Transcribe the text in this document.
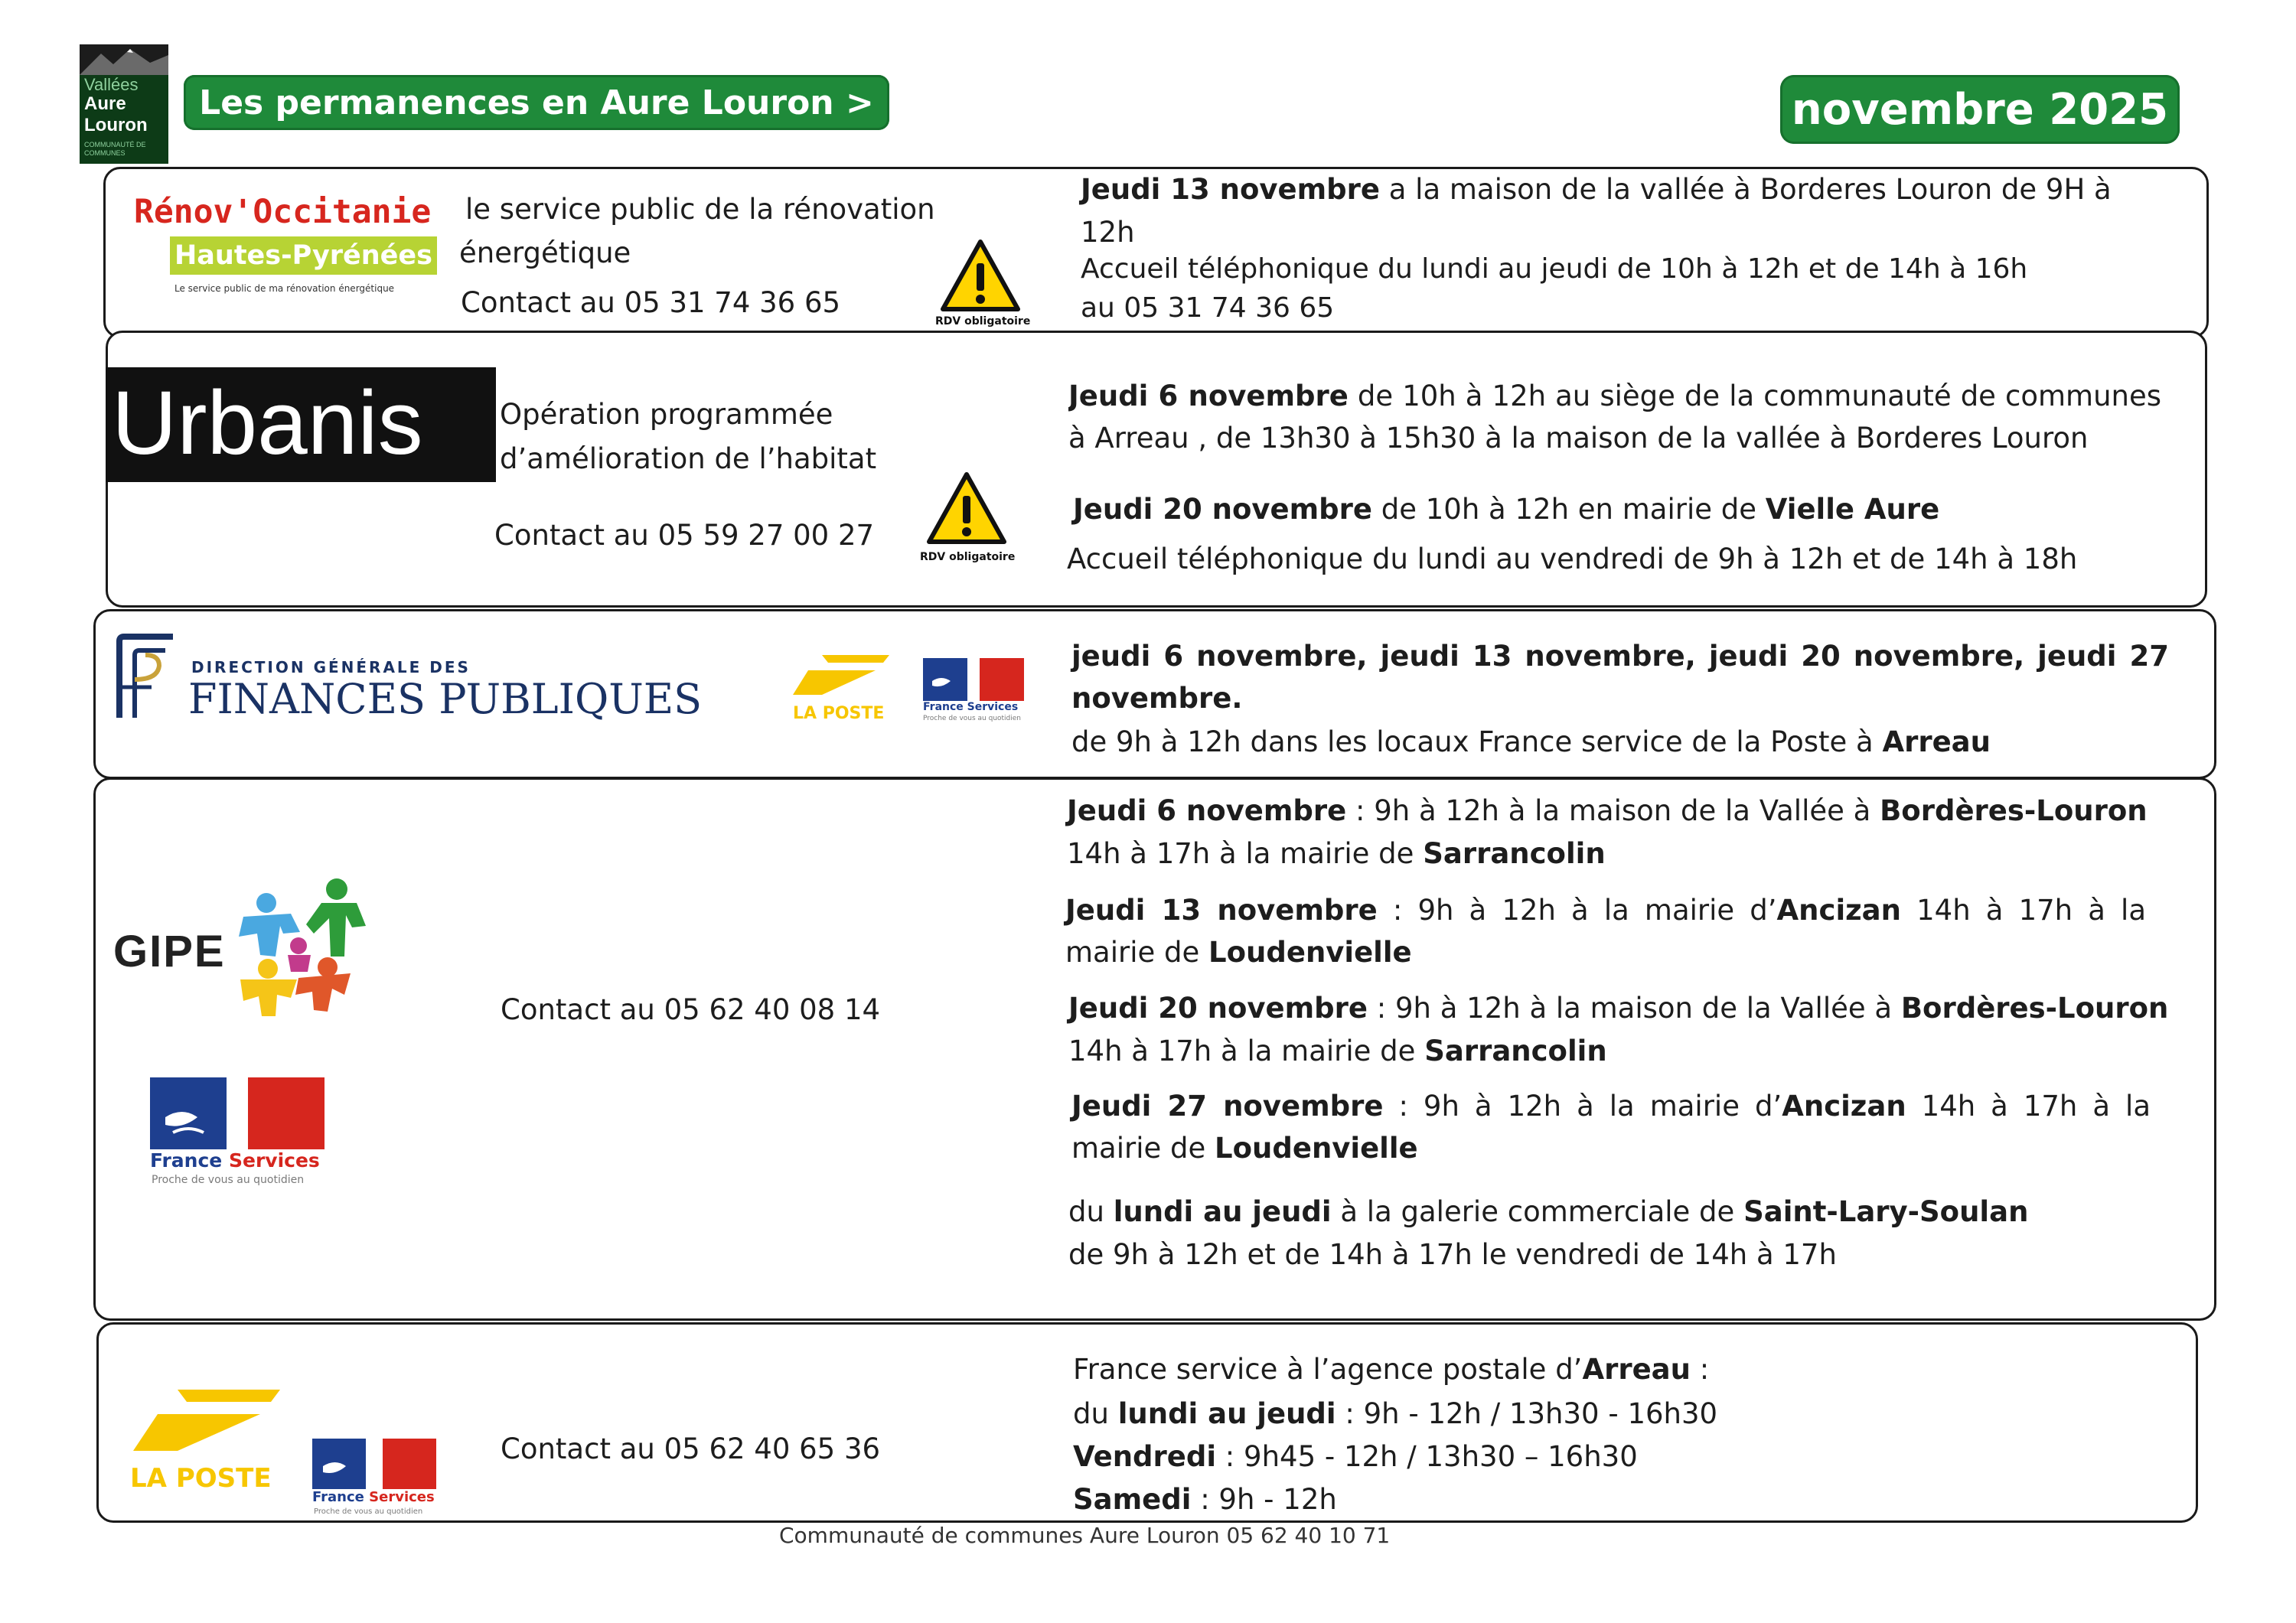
Vallées
Aure
Louron
COMMUNAUTÉ DE COMMUNES
Les permanences en Aure Louron >	novembre 2025
Rénov'Occitanie
Hautes-Pyrénées
Le service public de ma rénovation énergétique
le service public de la rénovation
énergétique
Contact au 05 31 74 36 65
RDV obligatoire
Jeudi 13 novembre a la maison de la vallée à Borderes Louron de 9H à
12h
Accueil téléphonique du lundi au jeudi de 10h à 12h et de 14h à 16h
au 05 31 74 36 65
Urbanis	Opération programmée
d’amélioration de l’habitat
Contact au 05 59 27 00 27
RDV obligatoire
Jeudi 6 novembre de 10h à 12h au siège de la communauté de communes à Arreau , de 13h30 à 15h30 à la maison de la vallée à Borderes Louron
Jeudi 20 novembre de 10h à 12h en mairie de Vielle Aure
Accueil téléphonique du lundi au vendredi de 9h à 12h et de 14h à 18h
DIRECTION GÉNÉRALE DES
FINANCES PUBLIQUES	LA POSTE	France Services
Proche de vous au quotidien
jeudi 6 novembre, jeudi 13 novembre, jeudi 20 novembre, jeudi 27 novembre.
de 9h à 12h dans les locaux France service de la Poste à Arreau
GIPE
France Services
Proche de vous au quotidien
Contact au 05 62 40 08 14
Jeudi 6 novembre : 9h à 12h à la maison de la Vallée à Bordères-Louron
14h à 17h à la mairie de Sarrancolin
Jeudi 13 novembre : 9h à 12h à la mairie d’Ancizan 14h à 17h à la mairie de Loudenvielle
Jeudi 20 novembre : 9h à 12h à la maison de la Vallée à Bordères-Louron
14h à 17h à la mairie de Sarrancolin
Jeudi 27 novembre : 9h à 12h à la mairie d’Ancizan 14h à 17h à la mairie de Loudenvielle
du lundi au jeudi à la galerie commerciale de Saint-Lary-Soulan
de 9h à 12h et de 14h à 17h le vendredi de 14h à 17h
LA POSTE
France Services
Proche de vous au quotidien
Contact au 05 62 40 65 36
France service à l’agence postale d’Arreau :
du lundi au jeudi : 9h - 12h / 13h30 - 16h30
Vendredi : 9h45 - 12h / 13h30 – 16h30
Samedi : 9h - 12h
Communauté de communes Aure Louron 05 62 40 10 71
